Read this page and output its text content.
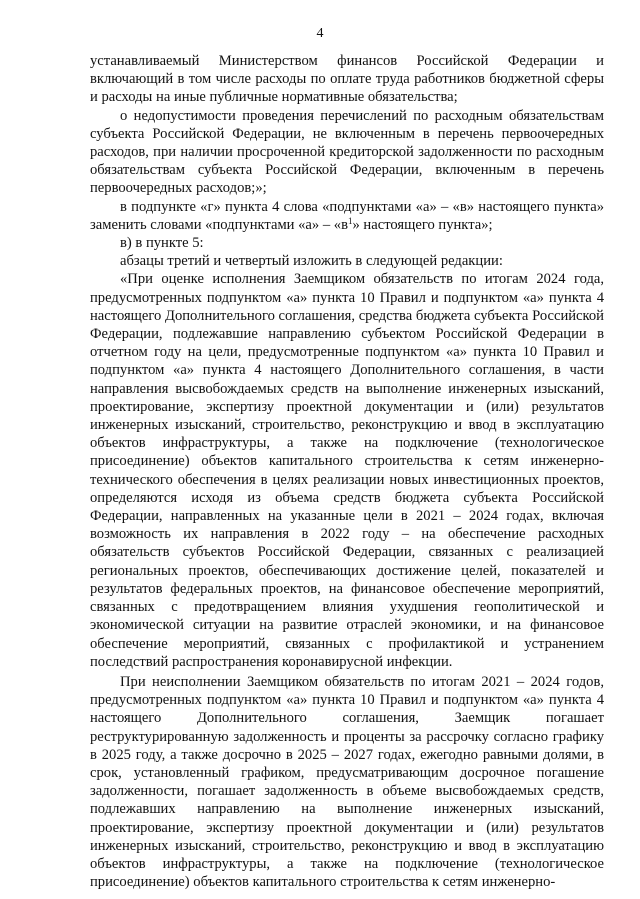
4

устанавливаемый Министерством финансов Российской Федерации и включающий в том числе расходы по оплате труда работников бюджетной сферы и расходы на иные публичные нормативные обязательства;

о недопустимости проведения перечислений по расходным обязательствам субъекта Российской Федерации, не включенным в перечень первоочередных расходов, при наличии просроченной кредиторской задолженности по расходным обязательствам субъекта Российской Федерации, включенным в перечень первоочередных расходов;»;

в подпункте «г» пункта 4 слова «подпунктами «а» – «в» настоящего пункта» заменить словами «подпунктами «а» – «$в^1$» настоящего пункта»;

в) в пункте 5:

абзацы третий и четвертый изложить в следующей редакции:

«При оценке исполнения Заемщиком обязательств по итогам 2024 года, предусмотренных подпунктом «а» пункта 10 Правил и подпунктом «а» пункта 4 настоящего Дополнительного соглашения, средства бюджета субъекта Российской Федерации, подлежавшие направлению субъектом Российской Федерации в отчетном году на цели, предусмотренные подпунктом «а» пункта 10 Правил и подпунктом «а» пункта 4 настоящего Дополнительного соглашения, в части направления высвобождаемых средств на выполнение инженерных изысканий, проектирование, экспертизу проектной документации и (или) результатов инженерных изысканий, строительство, реконструкцию и ввод в эксплуатацию объектов инфраструктуры, а также на подключение (технологическое присоединение) объектов капитального строительства к сетям инженерно-технического обеспечения в целях реализации новых инвестиционных проектов, определяются исходя из объема средств бюджета субъекта Российской Федерации, направленных на указанные цели в 2021 – 2024 годах, включая возможность их направления в 2022 году – на обеспечение расходных обязательств субъектов Российской Федерации, связанных с реализацией региональных проектов, обеспечивающих достижение целей, показателей и результатов федеральных проектов, на финансовое обеспечение мероприятий, связанных с предотвращением влияния ухудшения геополитической и экономической ситуации на развитие отраслей экономики, и на финансовое обеспечение мероприятий, связанных с профилактикой и устранением последствий распространения коронавирусной инфекции.

При неисполнении Заемщиком обязательств по итогам 2021 – 2024 годов, предусмотренных подпунктом «а» пункта 10 Правил и подпунктом «а» пункта 4 настоящего Дополнительного соглашения, Заемщик погашает реструктурированную задолженность и проценты за рассрочку согласно графику в 2025 году, а также досрочно в 2025 – 2027 годах, ежегодно равными долями, в срок, установленный графиком, предусматривающим досрочное погашение задолженности, погашает задолженность в объеме высвобождаемых средств, подлежавших направлению на выполнение инженерных изысканий, проектирование, экспертизу проектной документации и (или) результатов инженерных изысканий, строительство, реконструкцию и ввод в эксплуатацию объектов инфраструктуры, а также на подключение (технологическое присоединение) объектов капитального строительства к сетям инженерно-
